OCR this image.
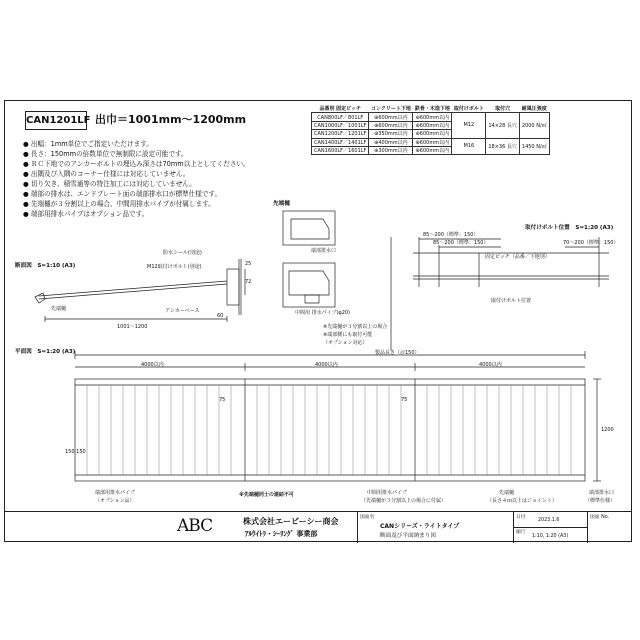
CAN1201LF 出巾＝1001mm～1200mm
● 出幅：1mm単位でご指定いただけます。
● 長さ：150mmの倍数単位で無制限に設定可能です。
● ＲＣ下地でのアンカーボルトの埋込み深さは70mm以上としてください。
● 出隅及び入隅のコーナー仕様には対応していません。
● 切り欠き、積雪通等の特注加工には対応していません。
● 端部の排水は、エンドプレート面の端部排水口が標準仕様です。
● 先端樋が３分割以上の場合、中間用排水パイプが付属します。
● 端部用排水パイプはオプション品です。
品番別 固定ピッチ	コンクリート下地	鉄骨・木造下地	取付けボルト	取付穴	耐風圧強度
CAN800LF／801LF	⊕600mm以内	⊕600mm以内	M12	14×28 長穴	2000 N/㎡
CAN1000LF／1001LF	⊕600mm以内	⊕600mm以内			
CAN1200LF／1201LF	⊕350mm以内	⊕600mm以内			
CAN1400LF／1401LF	⊕400mm以内	⊕600mm以内	M16	18×36 長穴	1450 N/㎡
CAN1600LF／1601LF	⊕300mm以内	⊕600mm以内			
断面図　S=1:10 (A3)
防水シール(別途)
M12取付けボルト(別途)
アンカーベース
先端樋
1001～1200
25
72
60
先端樋
端部排水口
中間用 排水パイプ(φ20)
※先端樋が３分割以上の場合
※端部側にも取付可能
（オプション対応）
取付けボルト位置　S=1:20 (A3)
85～200（標準：150）
85～200（標準：150）	70～200（標準：150）
固定ピッチ（品番／下地別）
取付けボルト位置
平面図　S=1:20 (A3)	製品長さ（＠150）
4000以内	4000以内	4000以内
75	75
150 150
1200
端部用排水パイプ
（オプション品）
※先端樋同士の連結不可	中間用排水パイプ
（先端樋が３分割以上の場合に付属）
先端樋
（長さ４ｍ以上はジョイント）
端部排水口
（標準仕様）
ABC	株式会社エービーシー商会
ｱﾙｳｲﾄﾗ・ｼｰﾘﾝｸﾞ 事業部
図面名
CANシリーズ・ライトタイプ
断面及び平面納まり図
日付
2023.1.6
縮尺
1:10, 1:20 (A3)
図面 No.
